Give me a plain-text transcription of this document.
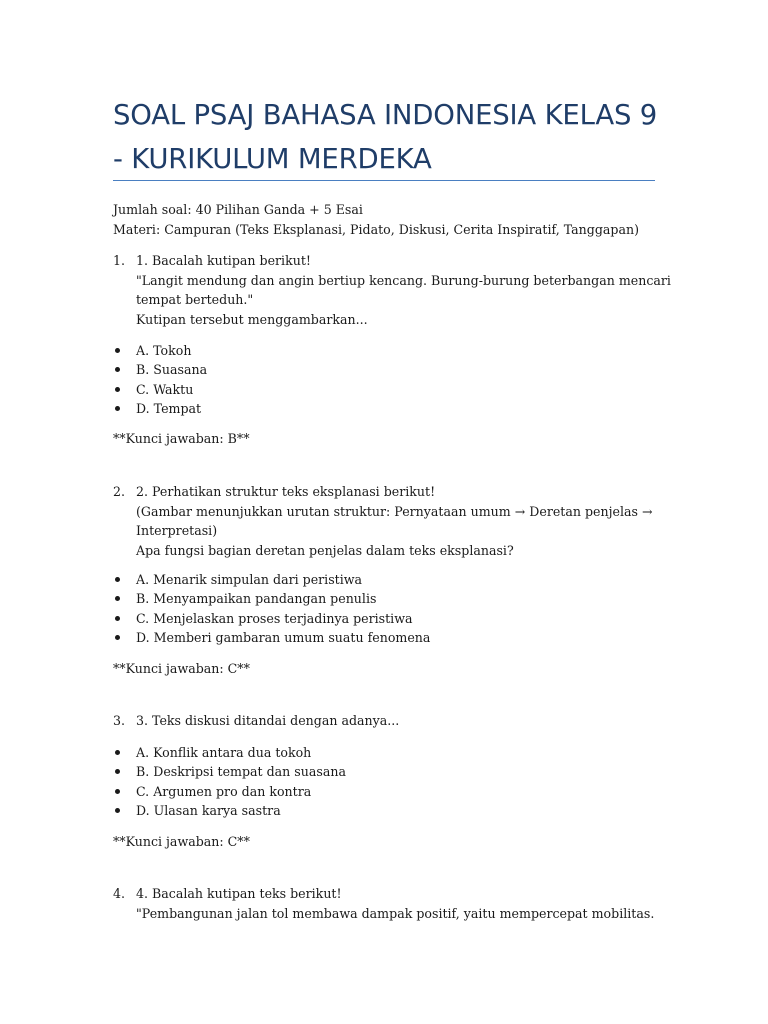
SOAL PSAJ BAHASA INDONESIA KELAS 9 - KURIKULUM MERDEKA
Jumlah soal: 40 Pilihan Ganda + 5 Esai
Materi: Campuran (Teks Eksplanasi, Pidato, Diskusi, Cerita Inspiratif, Tanggapan)
1. 1. Bacalah kutipan berikut!
"Langit mendung dan angin bertiup kencang. Burung-burung beterbangan mencari
tempat berteduh."
Kutipan tersebut menggambarkan...
A. Tokoh
B. Suasana
C. Waktu
D. Tempat
**Kunci jawaban: B**
2. 2. Perhatikan struktur teks eksplanasi berikut!
(Gambar menunjukkan urutan struktur: Pernyataan umum → Deretan penjelas →
Interpretasi)
Apa fungsi bagian deretan penjelas dalam teks eksplanasi?
A. Menarik simpulan dari peristiwa
B. Menyampaikan pandangan penulis
C. Menjelaskan proses terjadinya peristiwa
D. Memberi gambaran umum suatu fenomena
**Kunci jawaban: C**
3. 3. Teks diskusi ditandai dengan adanya...
A. Konflik antara dua tokoh
B. Deskripsi tempat dan suasana
C. Argumen pro dan kontra
D. Ulasan karya sastra
**Kunci jawaban: C**
4. 4. Bacalah kutipan teks berikut!
"Pembangunan jalan tol membawa dampak positif, yaitu mempercepat mobilitas.
